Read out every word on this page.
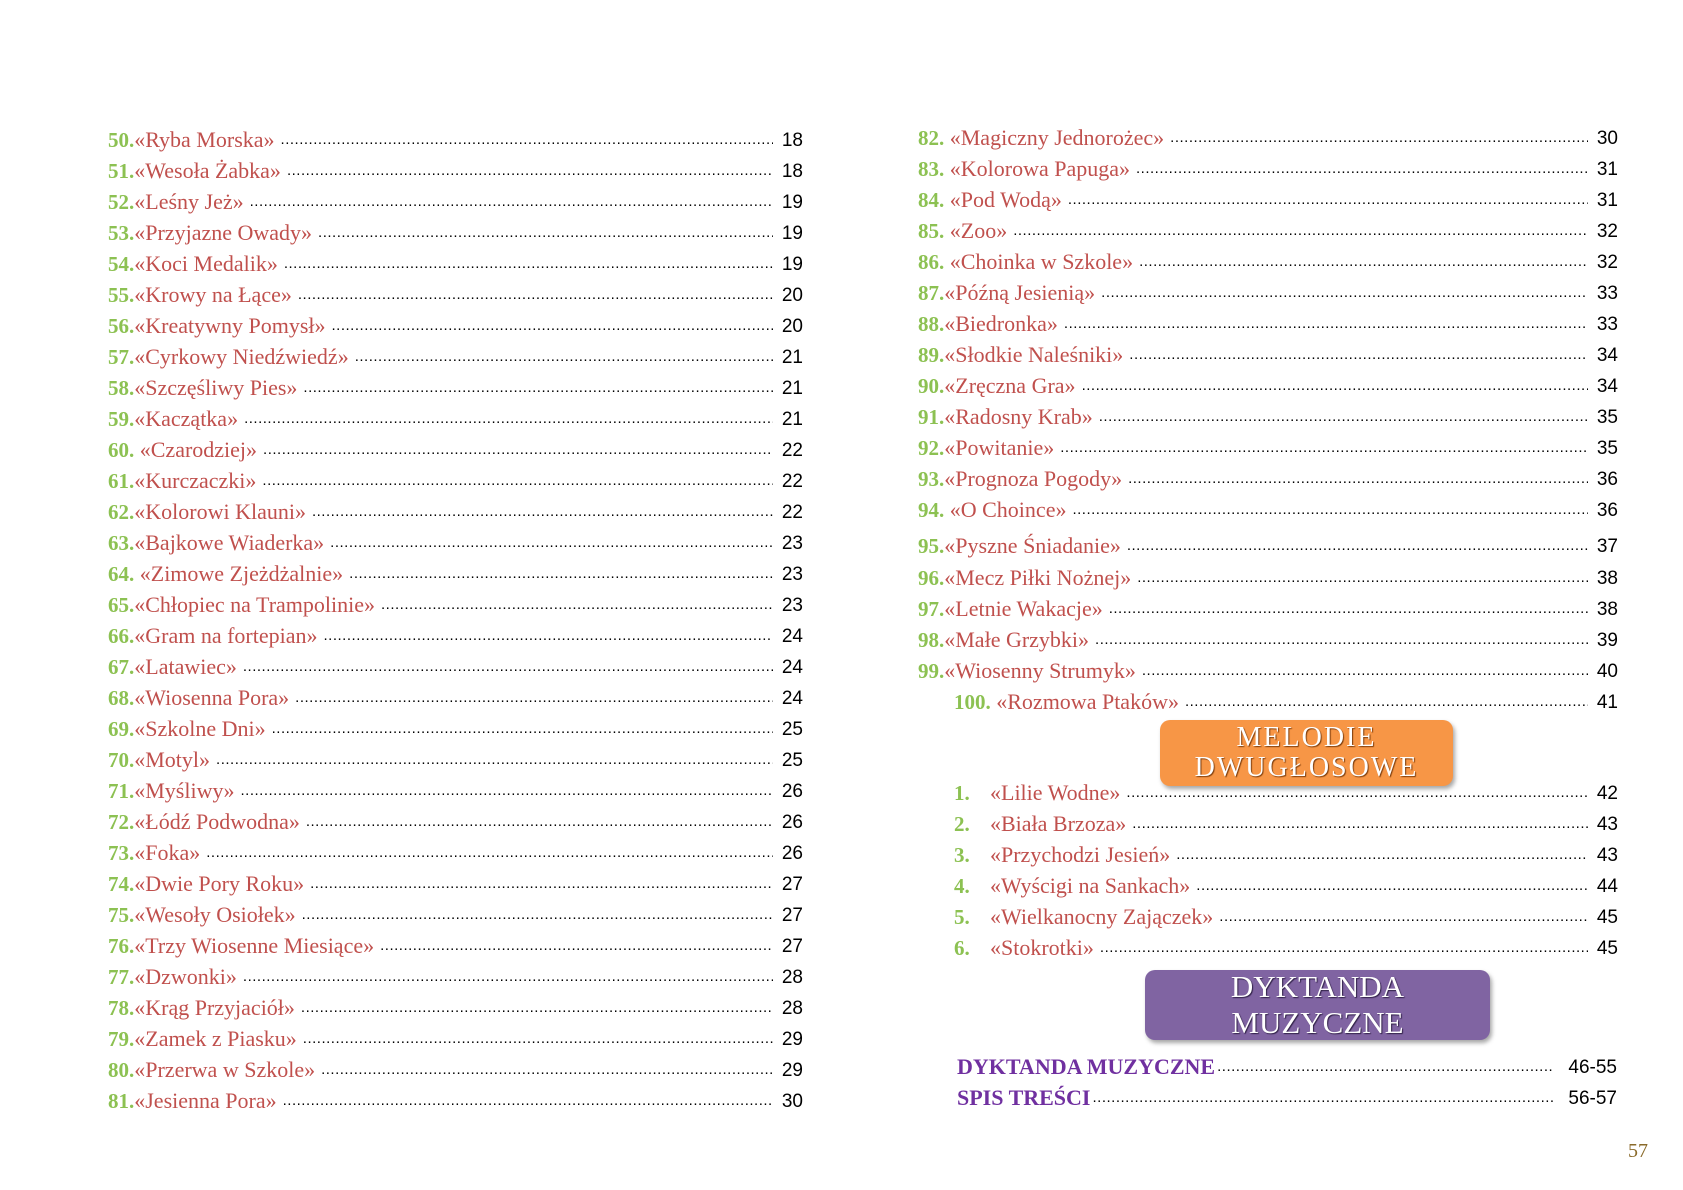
50. «Ryba Morska» .....	18
51. «Wesoła Żabka» .....	18
52. «Leśny Jeż» .....	19
53. «Przyjazne Owady» .....	19
54. «Koci Medalik» .....	19
55. «Krowy na Łące» .....	20
56. «Kreatywny Pomysł» .....	20
57. «Cyrkowy Niedźwiedź» .....	21
58. «Szczęśliwy Pies» .....	21
59. «Kaczątka» .....	21
60. «Czarodziej» .....	22
61. «Kurczaczki» .....	22
62. «Kolorowi Klauni» .....	22
63. «Bajkowe Wiaderka» .....	23
64. «Zimowe Zjeżdżalnie» .....	23
65. «Chłopiec na Trampolinie» .....	23
66. «Gram na fortepian» .....	24
67. «Latawiec» .....	24
68. «Wiosenna Pora» .....	24
69. «Szkolne Dni» .....	25
70. «Motyl» .....	25
71. «Myśliwy» .....	26
72. «Łódź Podwodna» .....	26
73. «Foka» .....	26
74. «Dwie Pory Roku» .....	27
75. «Wesoły Osiołek» .....	27
76. «Trzy Wiosenne Miesiące» .....	27
77. «Dzwonki» .....	28
78. «Krąg Przyjaciół» .....	28
79. «Zamek z Piasku» .....	29
80. «Przerwa w Szkole» .....	29
81. «Jesienna Pora» .....	30
82. «Magiczny Jednorożec» .....	30
83. «Kolorowa Papuga» .....	31
84. «Pod Wodą» .....	31
85. «Zoo» .....	32
86. «Choinka w Szkole» .....	32
87. «Późną Jesienią» .....	33
88. «Biedronka» .....	33
89. «Słodkie Naleśniki» .....	34
90. «Zręczna Gra» .....	34
91. «Radosny Krab» .....	35
92. «Powitanie» .....	35
93. «Prognoza Pogody» .....	36
94. «O Choince» .....	36
95. «Pyszne Śniadanie» .....	37
96. «Mecz Piłki Nożnej» .....	38
97. «Letnie Wakacje» .....	38
98. «Małe Grzybki» .....	39
99. «Wiosenny Strumyk» .....	40
100. «Rozmowa Ptaków» .....	41
1. «Lilie Wodne» .....	42
2. «Biała Brzoza» .....	43
3. «Przychodzi Jesień» .....	43
4. «Wyścigi na Sankach» .....	44
5. «Wielkanocny Zajączek» .....	45
6. «Stokrotki» .....	45
MELODIE
DWUGŁOSOWE
DYKTANDA MUZYCZNE
DYKTANDA MUZYCZNE .....	46-55
SPIS TREŚCI .....	56-57
57
